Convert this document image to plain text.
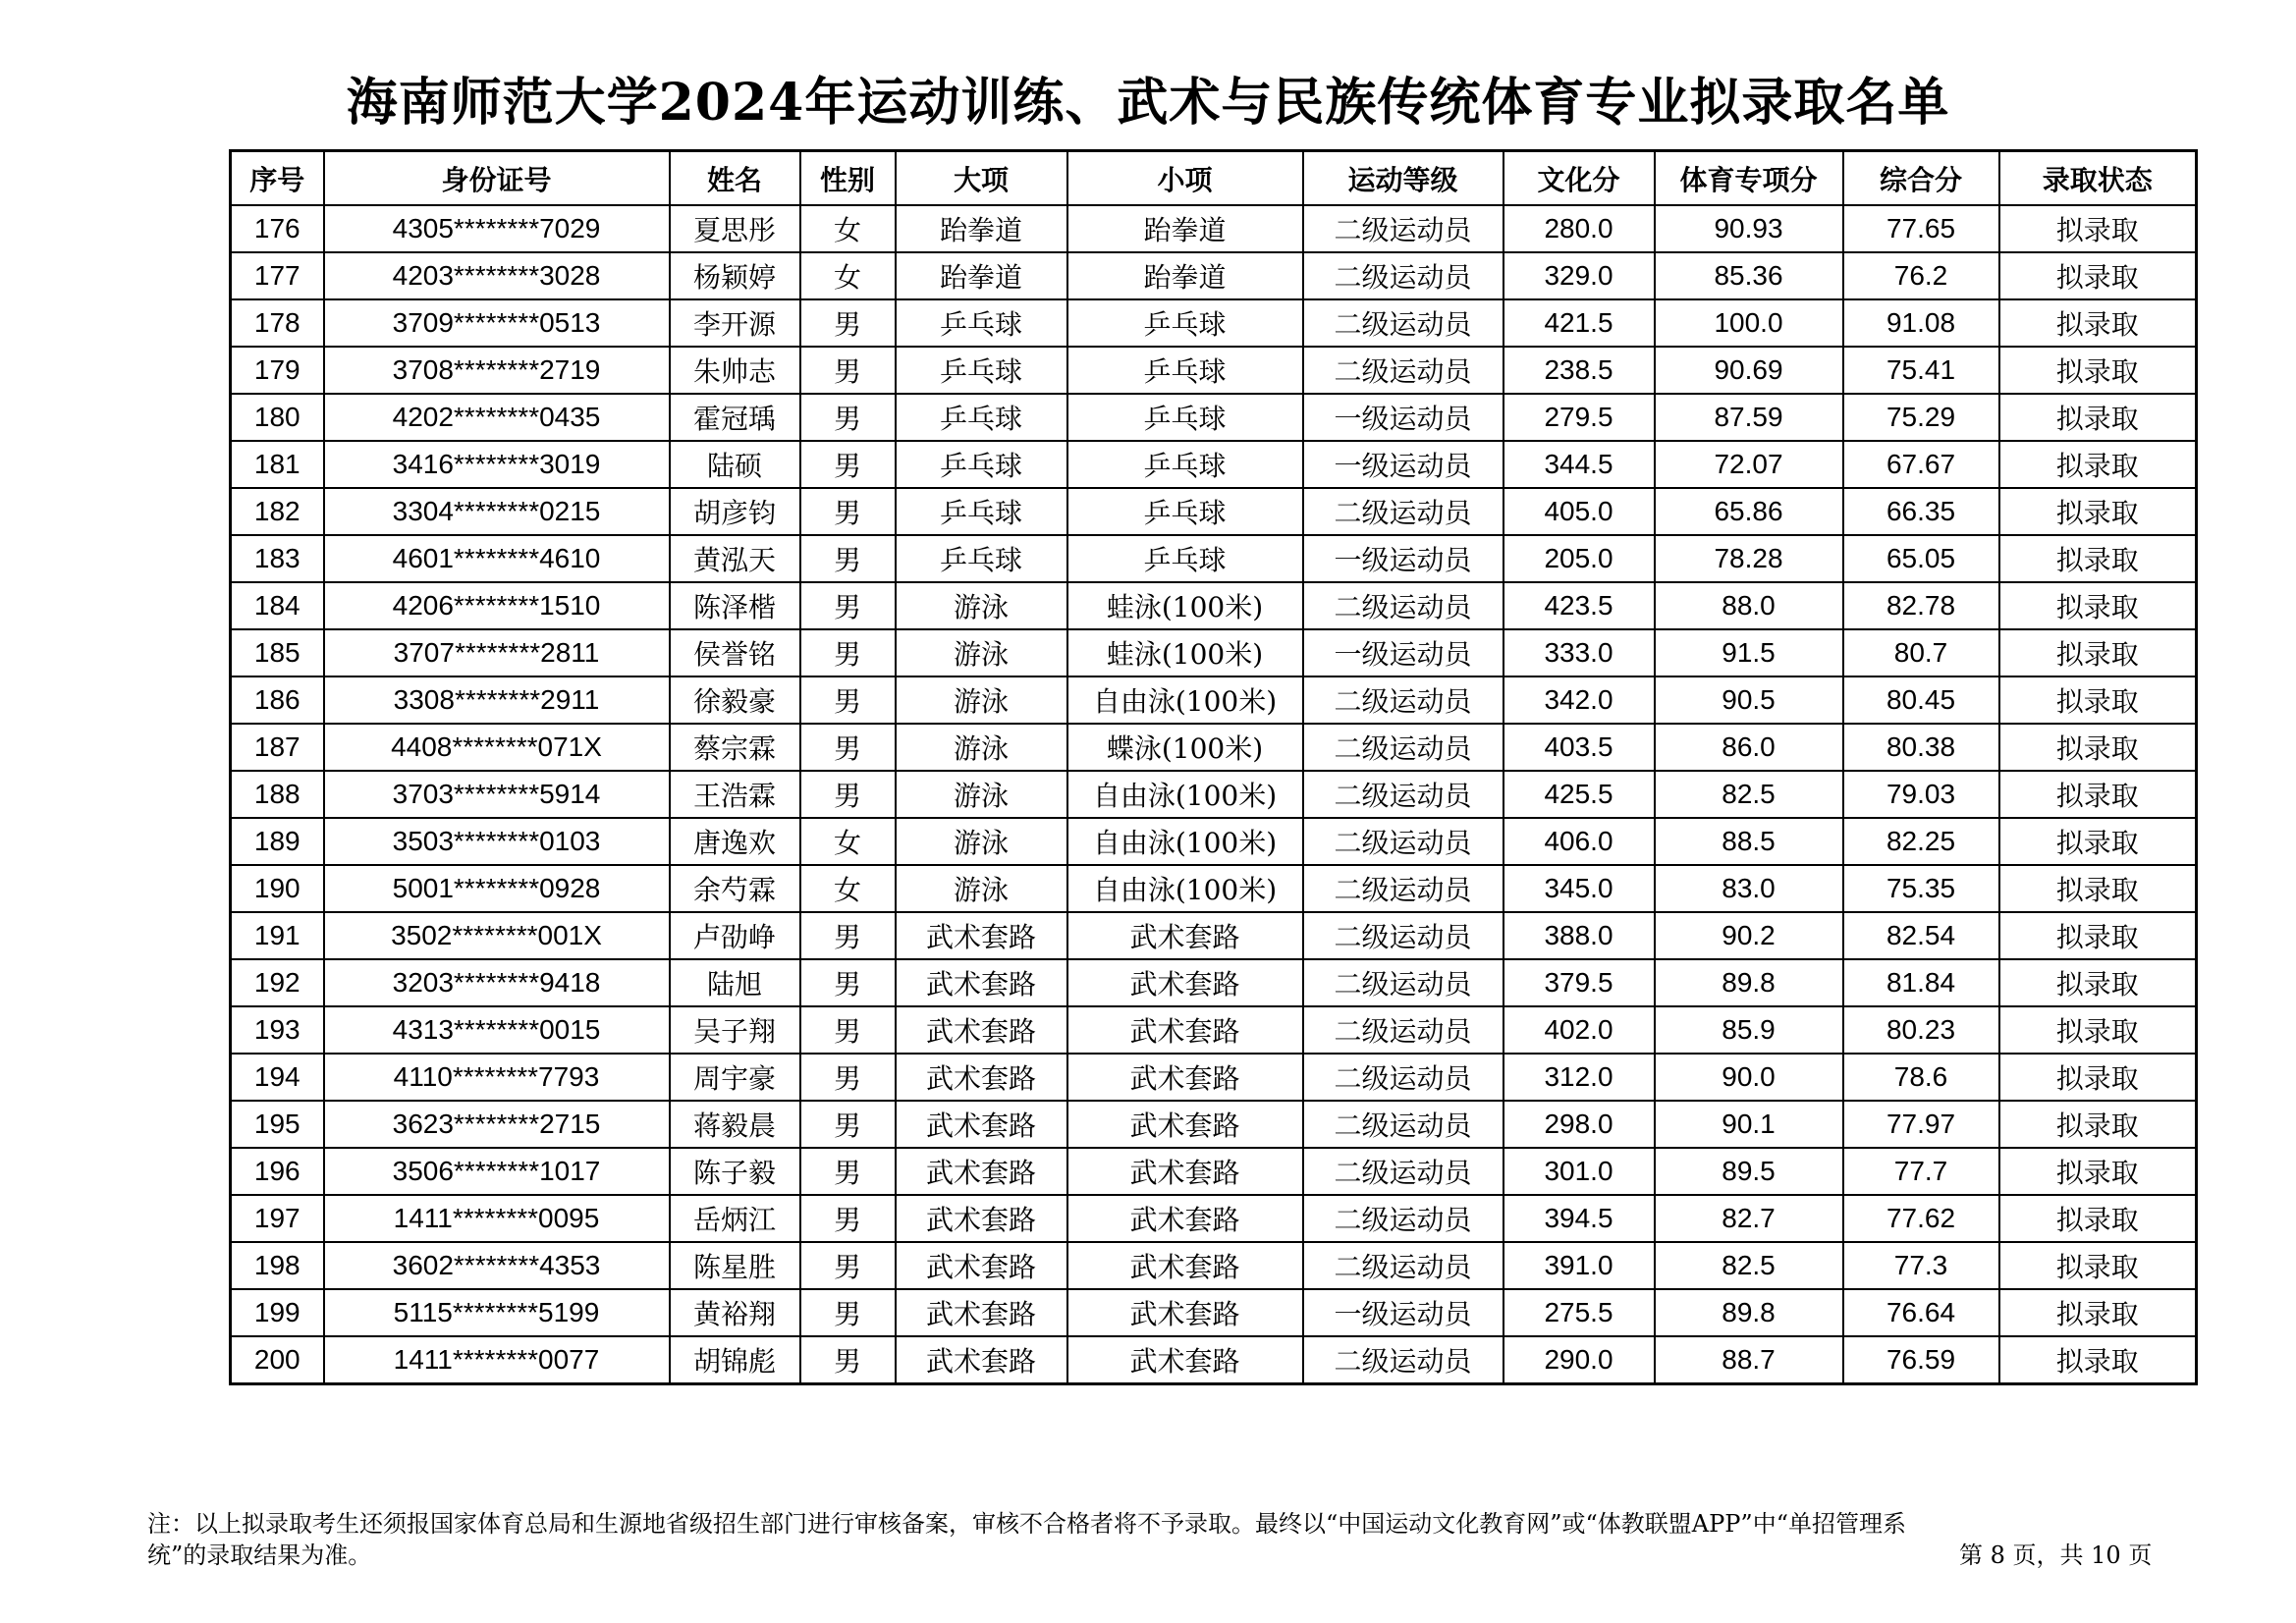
海南师范大学2024年运动训练、武术与民族传统体育专业拟录取名单
序号	身份证号	姓名	性别	大项	小项	运动等级	文化分	体育专项分	综合分	录取状态
176	4305********7029	夏思彤	女	跆拳道	跆拳道	二级运动员	280.0	90.93	77.65	拟录取
177	4203********3028	杨颖婷	女	跆拳道	跆拳道	二级运动员	329.0	85.36	76.2	拟录取
178	3709********0513	李开源	男	乒乓球	乒乓球	二级运动员	421.5	100.0	91.08	拟录取
179	3708********2719	朱帅志	男	乒乓球	乒乓球	二级运动员	238.5	90.69	75.41	拟录取
180	4202********0435	霍冠瑀	男	乒乓球	乒乓球	一级运动员	279.5	87.59	75.29	拟录取
181	3416********3019	陆硕	男	乒乓球	乒乓球	一级运动员	344.5	72.07	67.67	拟录取
182	3304********0215	胡彦钧	男	乒乓球	乒乓球	二级运动员	405.0	65.86	66.35	拟录取
183	4601********4610	黄泓天	男	乒乓球	乒乓球	一级运动员	205.0	78.28	65.05	拟录取
184	4206********1510	陈泽楷	男	游泳	蛙泳(100米)	二级运动员	423.5	88.0	82.78	拟录取
185	3707********2811	侯誉铭	男	游泳	蛙泳(100米)	一级运动员	333.0	91.5	80.7	拟录取
186	3308********2911	徐毅豪	男	游泳	自由泳(100米)	二级运动员	342.0	90.5	80.45	拟录取
187	4408********071X	蔡宗霖	男	游泳	蝶泳(100米)	二级运动员	403.5	86.0	80.38	拟录取
188	3703********5914	王浩霖	男	游泳	自由泳(100米)	二级运动员	425.5	82.5	79.03	拟录取
189	3503********0103	唐逸欢	女	游泳	自由泳(100米)	二级运动员	406.0	88.5	82.25	拟录取
190	5001********0928	余芍霖	女	游泳	自由泳(100米)	二级运动员	345.0	83.0	75.35	拟录取
191	3502********001X	卢劭峥	男	武术套路	武术套路	二级运动员	388.0	90.2	82.54	拟录取
192	3203********9418	陆旭	男	武术套路	武术套路	二级运动员	379.5	89.8	81.84	拟录取
193	4313********0015	吴子翔	男	武术套路	武术套路	二级运动员	402.0	85.9	80.23	拟录取
194	4110********7793	周宇豪	男	武术套路	武术套路	二级运动员	312.0	90.0	78.6	拟录取
195	3623********2715	蒋毅晨	男	武术套路	武术套路	二级运动员	298.0	90.1	77.97	拟录取
196	3506********1017	陈子毅	男	武术套路	武术套路	二级运动员	301.0	89.5	77.7	拟录取
197	1411********0095	岳炳江	男	武术套路	武术套路	二级运动员	394.5	82.7	77.62	拟录取
198	3602********4353	陈星胜	男	武术套路	武术套路	二级运动员	391.0	82.5	77.3	拟录取
199	5115********5199	黄裕翔	男	武术套路	武术套路	一级运动员	275.5	89.8	76.64	拟录取
200	1411********0077	胡锦彪	男	武术套路	武术套路	二级运动员	290.0	88.7	76.59	拟录取
注：以上拟录取考生还须报国家体育总局和生源地省级招生部门进行审核备案，审核不合格者将不予录取。最终以“中国运动文化教育网”或“体教联盟APP”中“单招管理系
统”的录取结果为准。	第 8 页，共 10 页
